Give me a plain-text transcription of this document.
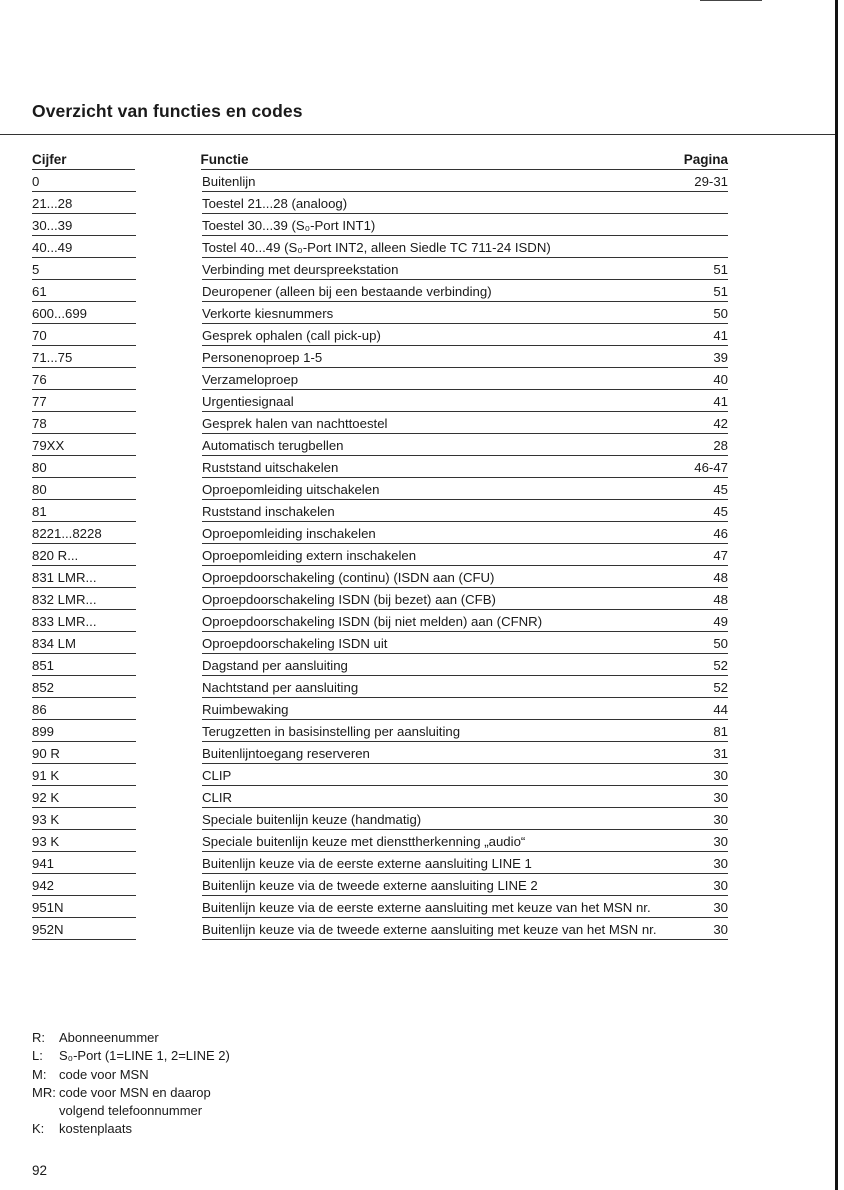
Overzicht van functies en codes
Cijfer	Functie	Pagina
0	Buitenlijn	29-31
21...28	Toestel 21...28 (analoog)
30...39	Toestel 30...39 (S₀-Port INT1)
40...49	Tostel 40...49 (S₀-Port INT2, alleen Siedle TC 711-24 ISDN)
5	Verbinding met deurspreekstation	51
61	Deuropener (alleen bij een bestaande verbinding)	51
600...699	Verkorte kiesnummers	50
70	Gesprek ophalen (call pick-up)	41
71...75	Personenoproep 1-5	39
76	Verzameloproep	40
77	Urgentiesignaal	41
78	Gesprek halen van nachttoestel	42
79XX	Automatisch terugbellen	28
80	Ruststand uitschakelen	46-47
80	Oproepomleiding uitschakelen	45
81	Ruststand inschakelen	45
8221...8228	Oproepomleiding inschakelen	46
820 R...	Oproepomleiding extern inschakelen	47
831 LMR...	Oproepdoorschakeling (continu) (ISDN aan (CFU)	48
832 LMR...	Oproepdoorschakeling ISDN (bij bezet) aan (CFB)	48
833 LMR...	Oproepdoorschakeling ISDN (bij niet melden) aan (CFNR)	49
834 LM	Oproepdoorschakeling ISDN uit	50
851	Dagstand per aansluiting	52
852	Nachtstand per aansluiting	52
86	Ruimbewaking	44
899	Terugzetten in basisinstelling per aansluiting	81
90 R	Buitenlijntoegang reserveren	31
91 K	CLIP	30
92 K	CLIR	30
93 K	Speciale buitenlijn keuze (handmatig)	30
93 K	Speciale buitenlijn keuze met diensttherkenning „audio“	30
941	Buitenlijn keuze via de eerste externe aansluiting LINE 1	30
942	Buitenlijn keuze via de tweede externe aansluiting LINE 2	30
951N	Buitenlijn keuze via de eerste externe aansluiting met keuze van het MSN nr.	30
952N	Buitenlijn keuze via de tweede externe aansluiting met keuze van het MSN nr.	30
R:	Abonneenummer
L:	S₀-Port (1=LINE 1, 2=LINE 2)
M: code voor MSN
MR: code voor MSN en daarop
volgend telefoonnummer
K:	kostenplaats
92
